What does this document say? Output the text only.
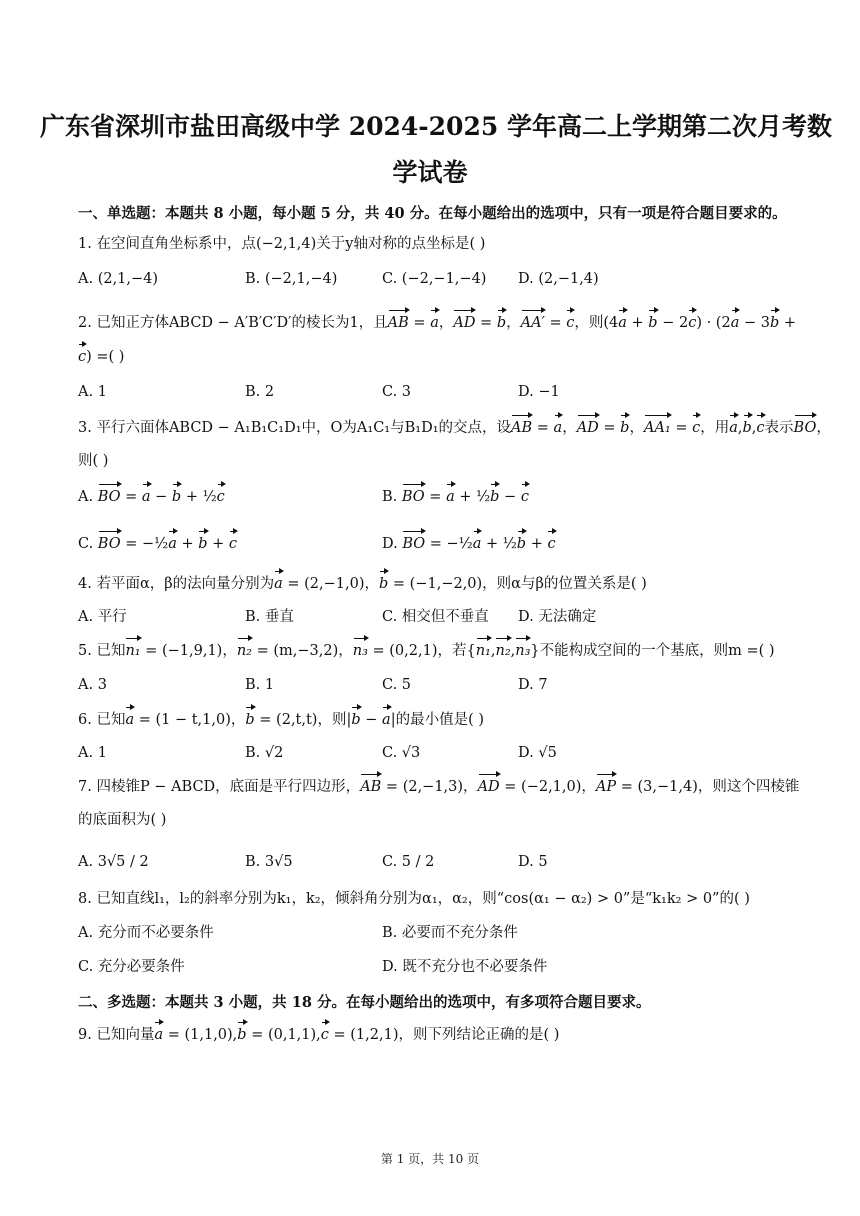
广东省深圳市盐田高级中学 2024-2025 学年高二上学期第二次月考数
学试卷
一、单选题：本题共 8 小题，每小题 5 分，共 40 分。在每小题给出的选项中，只有一项是符合题目要求的。
1. 在空间直角坐标系中，点(−2,1,4)关于y轴对称的点坐标是( )
A. (2,1,−4)	B. (−2,1,−4)	C. (−2,−1,−4) D. (2,−1,4)
2. 已知正方体ABCD − A′B′C′D′的棱长为1，且AB = a，AD = b，AA′ = c，则(4a + b − 2c) · (2a − 3b +
c) =( )
A. 1	B. 2	C. 3	D. −1
3. 平行六面体ABCD − A₁B₁C₁D₁中，O为A₁C₁与B₁D₁的交点，设AB = a，AD = b，AA₁ = c，用a,b,c表示BO，
则( )
A. BO = a − b + ½c	B. BO = a + ½b − c
C. BO = −½a + b + c	D. BO = −½a + ½b + c
4. 若平面α，β的法向量分别为a = (2,−1,0)，b = (−1,−2,0)，则α与β的位置关系是( )
A. 平行	B. 垂直	C. 相交但不垂直 D. 无法确定
5. 已知n₁ = (−1,9,1)，n₂ = (m,−3,2)，n₃ = (0,2,1)，若{n₁,n₂,n₃}不能构成空间的一个基底，则m =( )
A. 3	B. 1	C. 5	D. 7
6. 已知a = (1 − t,1,0)，b = (2,t,t)，则|b − a|的最小值是( )
A. 1	B. √2	C. √3	D. √5
7. 四棱锥P − ABCD，底面是平行四边形，AB = (2,−1,3)，AD = (−2,1,0)，AP = (3,−1,4)，则这个四棱锥
的底面积为( )
A. 3√5 / 2	B. 3√5	C. 5 / 2	D. 5
8. 已知直线l₁，l₂的斜率分别为k₁，k₂，倾斜角分别为α₁，α₂，则“cos(α₁ − α₂) > 0”是“k₁k₂ > 0”的( )
A. 充分而不必要条件	B. 必要而不充分条件
C. 充分必要条件	D. 既不充分也不必要条件
二、多选题：本题共 3 小题，共 18 分。在每小题给出的选项中，有多项符合题目要求。
9. 已知向量a = (1,1,0),b = (0,1,1),c = (1,2,1)，则下列结论正确的是( )
第 1 页，共 10 页
